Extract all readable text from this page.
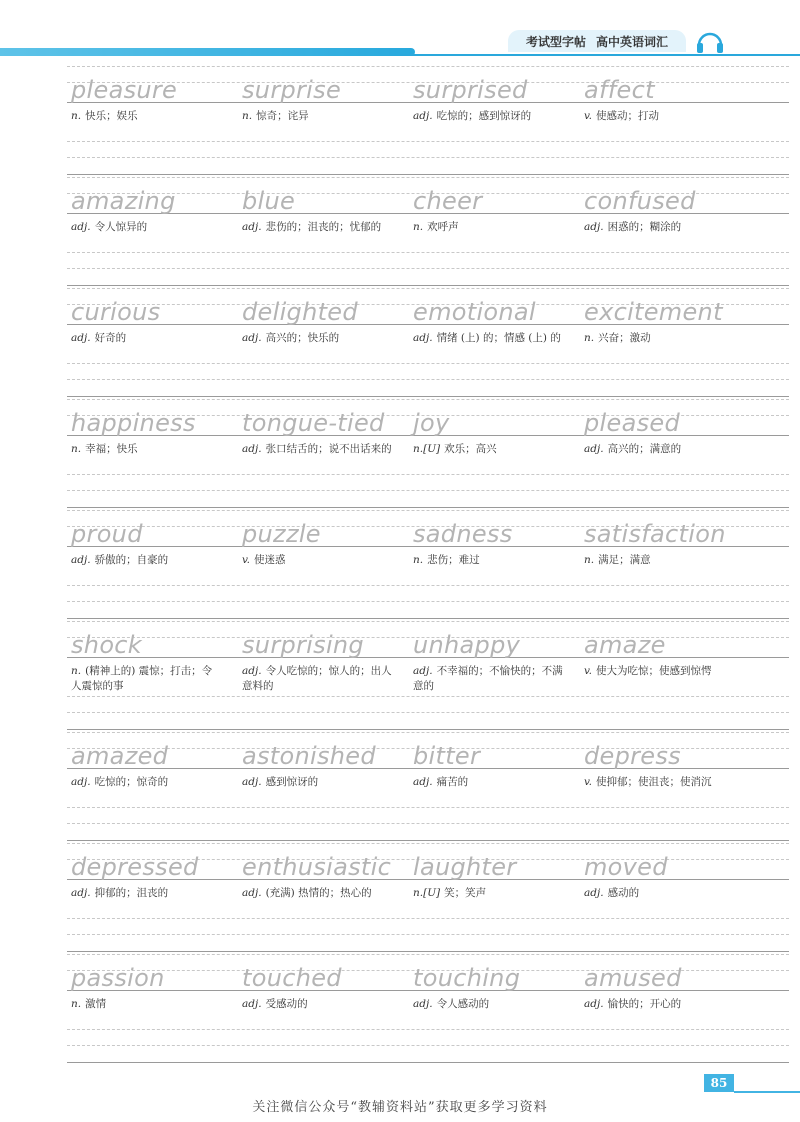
考试型字帖 高中英语词汇
pleasure
n. 快乐；娱乐
surprise
n. 惊奇；诧异
surprised
adj. 吃惊的；感到惊讶的
affect
v. 使感动；打动
amazing
adj. 令人惊异的
blue
adj. 悲伤的；沮丧的；忧郁的
cheer
n. 欢呼声
confused
adj. 困惑的；糊涂的
curious
adj. 好奇的
delighted
adj. 高兴的；快乐的
emotional
adj. 情绪 (上) 的；情感 (上) 的
excitement
n. 兴奋；激动
happiness
n. 幸福；快乐
tongue-tied
adj. 张口结舌的；说不出话来的
joy
n.[U] 欢乐；高兴
pleased
adj. 高兴的；满意的
proud
adj. 骄傲的；自豪的
puzzle
v. 使迷惑
sadness
n. 悲伤；难过
satisfaction
n. 满足；满意
shock
n. (精神上的) 震惊；打击；令人震惊的事
surprising
adj. 令人吃惊的；惊人的；出人意料的
unhappy
adj. 不幸福的；不愉快的；不满意的
amaze
v. 使大为吃惊；使感到惊愕
amazed
adj. 吃惊的；惊奇的
astonished
adj. 感到惊讶的
bitter
adj. 痛苦的
depress
v. 使抑郁；使沮丧；使消沉
depressed
adj. 抑郁的；沮丧的
enthusiastic
adj. (充满) 热情的；热心的
laughter
n.[U] 笑；笑声
moved
adj. 感动的
passion
n. 激情
touched
adj. 受感动的
touching
adj. 令人感动的
amused
adj. 愉快的；开心的
85
关注微信公众号“教辅资料站”获取更多学习资料
